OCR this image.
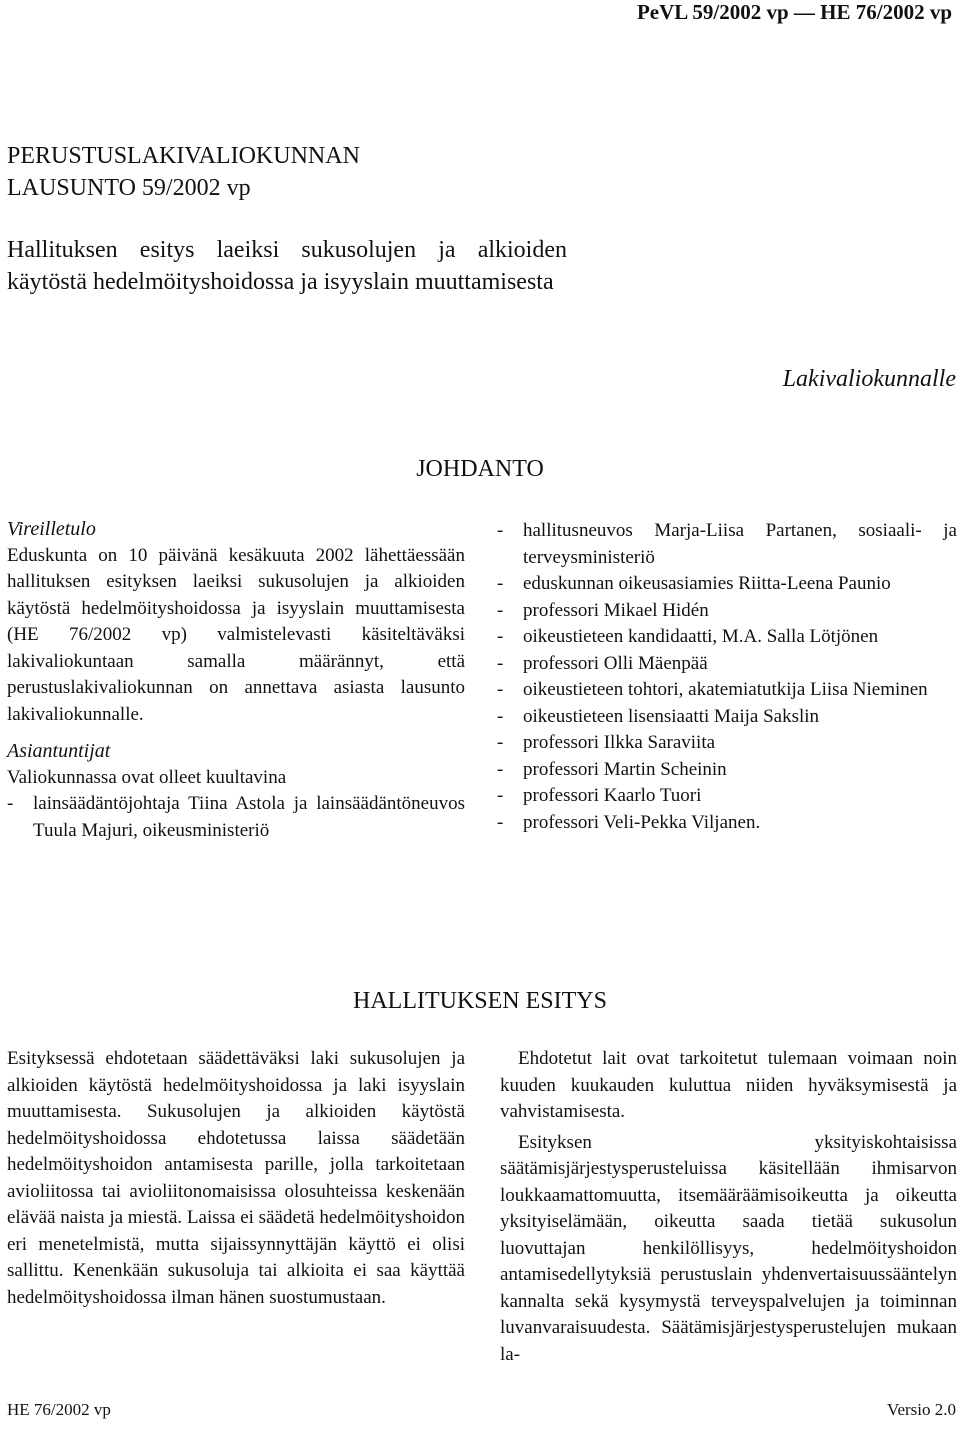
PeVL 59/2002 vp — HE 76/2002 vp
PERUSTUSLAKIVALIOKUNNAN
LAUSUNTO 59/2002 vp
Hallituksen esitys laeiksi sukusolujen ja alkioiden käytöstä hedelmöityshoidossa ja isyyslain muuttamisesta
Lakivaliokunnalle
JOHDANTO
Vireilletulo

Eduskunta on 10 päivänä kesäkuuta 2002 lähettäessään hallituksen esityksen laeiksi sukusolujen ja alkioiden käytöstä hedelmöityshoidossa ja isyyslain muuttamisesta (HE 76/2002 vp) valmistelevasti käsiteltäväksi lakivaliokuntaan samalla määrännyt, että perustuslakivaliokunnan on annettava asiasta lausunto lakivaliokunnalle.

Asiantuntijat

Valiokunnassa ovat olleet kuultavina

-	lainsäädäntöjohtaja Tiina Astola ja lainsäädäntöneuvos Tuula Majuri, oikeusministeriö
-	hallitusneuvos Marja-Liisa Partanen, sosiaali- ja terveysministeriö
-	eduskunnan oikeusasiamies Riitta-Leena Paunio
-	professori Mikael Hidén
-	oikeustieteen kandidaatti, M.A. Salla Lötjönen
-	professori Olli Mäenpää
-	oikeustieteen tohtori, akatemiatutkija Liisa Nieminen
-	oikeustieteen lisensiaatti Maija Sakslin
-	professori Ilkka Saraviita
-	professori Martin Scheinin
-	professori Kaarlo Tuori
-	professori Veli-Pekka Viljanen.
HALLITUKSEN ESITYS

Esityksessä ehdotetaan säädettäväksi laki sukusolujen ja alkioiden käytöstä hedelmöityshoidossa ja laki isyyslain muuttamisesta. Sukusolujen ja alkioiden käytöstä hedelmöityshoidossa ehdotetussa laissa säädetään hedelmöityshoidon antamisesta parille, jolla tarkoitetaan avioliitossa tai avioliitonomaisissa olosuhteissa keskenään elävää naista ja miestä. Laissa ei säädetä hedelmöityshoidon eri menetelmistä, mutta sijaissynnyttäjän käyttö ei olisi sallittu. Kenenkään sukusoluja tai alkioita ei saa käyttää hedelmöityshoidossa ilman hänen suostumustaan.

Ehdotetut lait ovat tarkoitetut tulemaan voimaan noin kuuden kuukauden kuluttua niiden hyväksymisestä ja vahvistamisesta.

Esityksen yksityiskohtaisissa säätämisjärjestysperusteluissa käsitellään ihmisarvon loukkaamattomuutta, itsemääräämisoikeutta ja oikeutta yksityiselämään, oikeutta saada tietää sukusolun luovuttajan henkilöllisyys, hedelmöityshoidon antamisedellytyksiä perustuslain yhdenvertaisuussääntelyn kannalta sekä kysymystä terveyspalvelujen ja toiminnan luvanvaraisuudesta. Säätämisjärjestysperustelujen mukaan la-

HE 76/2002 vp	Versio 2.0
